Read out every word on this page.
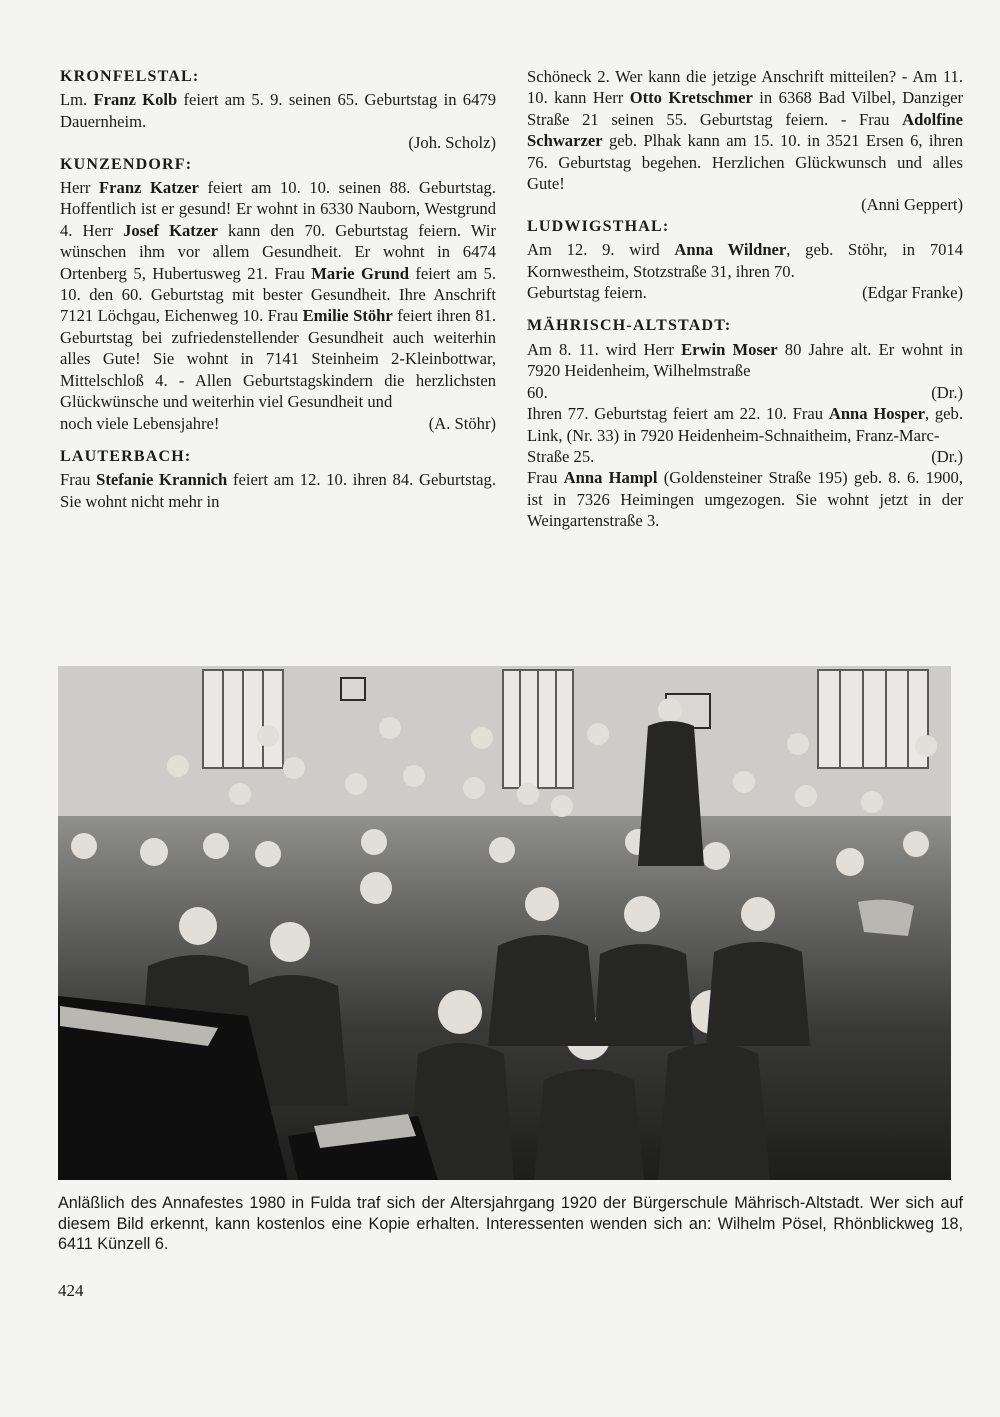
KRONFELSTAL:

Lm. Franz Kolb feiert am 5. 9. seinen 65. Geburtstag in 6479 Dauernheim.

(Joh. Scholz)
KUNZENDORF:

Herr Franz Katzer feiert am 10. 10. seinen 88. Geburtstag. Hoffentlich ist er gesund! Er wohnt in 6330 Nauborn, Westgrund 4. Herr Josef Katzer kann den 70. Geburtstag feiern. Wir wünschen ihm vor allem Gesundheit. Er wohnt in 6474 Ortenberg 5, Hubertusweg 21. Frau Marie Grund feiert am 5. 10. den 60. Geburtstag mit bester Gesundheit. Ihre Anschrift 7121 Löchgau, Eichenweg 10. Frau Emilie Stöhr feiert ihren 81. Geburtstag bei zufriedenstellender Gesundheit auch weiterhin alles Gute! Sie wohnt in 7141 Steinheim 2-Kleinbottwar, Mittelschloß 4. - Allen Geburtstagskindern die herzlichsten Glückwünsche und weiterhin viel Gesundheit und

noch viele Lebensjahre!	(A. Stöhr)
LAUTERBACH:

Frau Stefanie Krannich feiert am 12. 10. ihren 84. Geburtstag. Sie wohnt nicht mehr in

Schöneck 2. Wer kann die jetzige Anschrift mitteilen? - Am 11. 10. kann Herr Otto Kretschmer in 6368 Bad Vilbel, Danziger Straße 21 seinen 55. Geburtstag feiern. - Frau Adolfine Schwarzer geb. Plhak kann am 15. 10. in 3521 Ersen 6, ihren 76. Geburtstag begehen. Herzlichen Glückwunsch und alles Gute!

(Anni Geppert)
LUDWIGSTHAL:

Am 12. 9. wird Anna Wildner, geb. Stöhr, in 7014 Kornwestheim, Stotzstraße 31, ihren 70.

Geburtstag feiern.	(Edgar Franke)
MÄHRISCH-ALTSTADT:

Am 8. 11. wird Herr Erwin Moser 80 Jahre alt. Er wohnt in 7920 Heidenheim, Wilhelmstraße

60.	(Dr.)

Ihren 77. Geburtstag feiert am 22. 10. Frau Anna Hosper, geb. Link, (Nr. 33) in 7920 Heidenheim-Schnaitheim, Franz-Marc-

Straße 25.	(Dr.)

Frau Anna Hampl (Goldensteiner Straße 195) geb. 8. 6. 1900, ist in 7326 Heimingen umgezogen. Sie wohnt jetzt in der Weingartenstraße 3.

Anläßlich des Annafestes 1980 in Fulda traf sich der Altersjahrgang 1920 der Bürgerschule Mährisch-Altstadt. Wer sich auf diesem Bild erkennt, kann kostenlos eine Kopie erhalten. Interessenten wenden sich an: Wilhelm Pösel, Rhönblickweg 18, 6411 Künzell 6.
424
